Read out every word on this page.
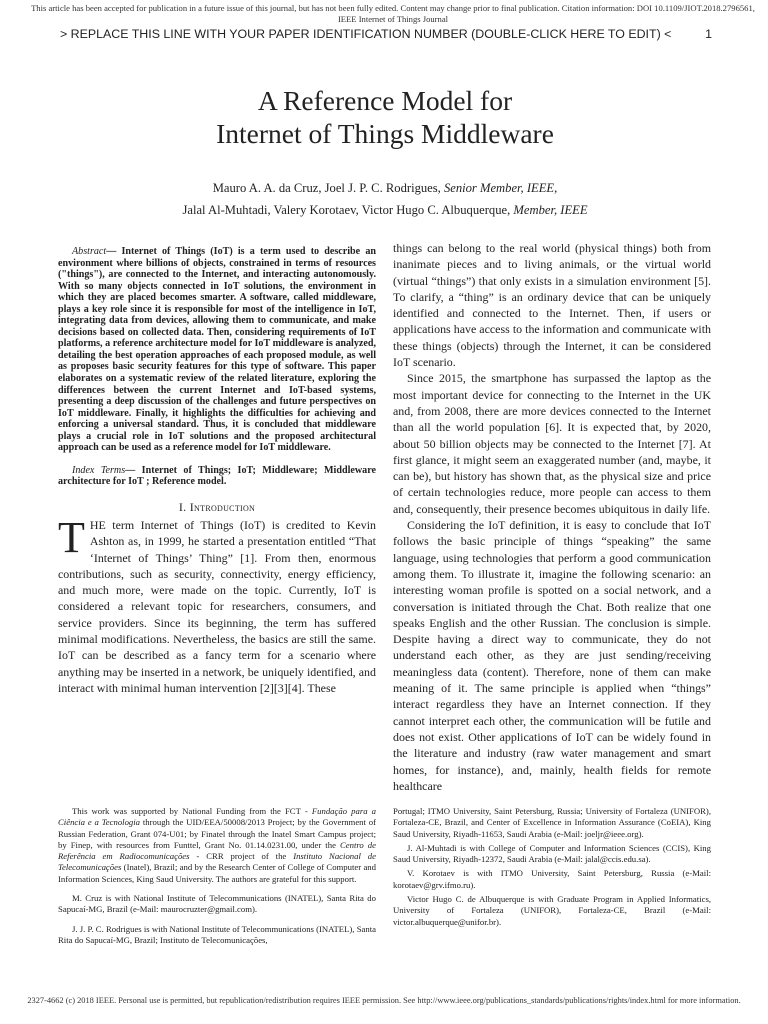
This article has been accepted for publication in a future issue of this journal, but has not been fully edited. Content may change prior to final publication. Citation information: DOI 10.1109/JIOT.2018.2796561, IEEE Internet of Things Journal
> REPLACE THIS LINE WITH YOUR PAPER IDENTIFICATION NUMBER (DOUBLE-CLICK HERE TO EDIT) <	1
A Reference Model for
Internet of Things Middleware
Mauro A. A. da Cruz, Joel J. P. C. Rodrigues, Senior Member, IEEE,
Jalal Al-Muhtadi, Valery Korotaev, Victor Hugo C. Albuquerque, Member, IEEE

Abstract— Internet of Things (IoT) is a term used to describe an environment where billions of objects, constrained in terms of resources ("things"), are connected to the Internet, and interacting autonomously. With so many objects connected in IoT solutions, the environment in which they are placed becomes smarter. A software, called middleware, plays a key role since it is responsible for most of the intelligence in IoT, integrating data from devices, allowing them to communicate, and make decisions based on collected data. Then, considering requirements of IoT platforms, a reference architecture model for IoT middleware is analyzed, detailing the best operation approaches of each proposed module, as well as proposes basic security features for this type of software. This paper elaborates on a systematic review of the related literature, exploring the differences between the current Internet and IoT-based systems, presenting a deep discussion of the challenges and future perspectives on IoT middleware. Finally, it highlights the difficulties for achieving and enforcing a universal standard. Thus, it is concluded that middleware plays a crucial role in IoT solutions and the proposed architectural approach can be used as a reference model for IoT middleware.

Index Terms— Internet of Things; IoT; Middleware; Middleware architecture for IoT ; Reference model.

I. Introduction

THE term Internet of Things (IoT) is credited to Kevin Ashton as, in 1999, he started a presentation entitled “That ‘Internet of Things’ Thing” [1]. From then, enormous contributions, such as security, connectivity, energy efficiency, and much more, were made on the topic. Currently, IoT is considered a relevant topic for researchers, consumers, and service providers. Since its beginning, the term has suffered minimal modifications. Nevertheless, the basics are still the same. IoT can be described as a fancy term for a scenario where anything may be inserted in a network, be uniquely identified, and interact with minimal human intervention [2][3][4]. These

things can belong to the real world (physical things) both from inanimate pieces and to living animals, or the virtual world (virtual “things”) that only exists in a simulation environment [5]. To clarify, a “thing” is an ordinary device that can be uniquely identified and connected to the Internet. Then, if users or applications have access to the information and communicate with these things (objects) through the Internet, it can be considered IoT scenario.

Since 2015, the smartphone has surpassed the laptop as the most important device for connecting to the Internet in the UK and, from 2008, there are more devices connected to the Internet than all the world population [6]. It is expected that, by 2020, about 50 billion objects may be connected to the Internet [7]. At first glance, it might seem an exaggerated number (and, maybe, it can be), but history has shown that, as the physical size and price of certain technologies reduce, more people can access to them and, consequently, their presence becomes ubiquitous in daily life.

Considering the IoT definition, it is easy to conclude that IoT follows the basic principle of things “speaking” the same language, using technologies that perform a good communication among them. To illustrate it, imagine the following scenario: an interesting woman profile is spotted on a social network, and a conversation is initiated through the Chat. Both realize that one speaks English and the other Russian. The conclusion is simple. Despite having a direct way to communicate, they do not understand each other, as they are just sending/receiving meaningless data (content). Therefore, none of them can make meaning of it. The same principle is applied when “things” interact regardless they have an Internet connection. If they cannot interpret each other, the communication will be futile and does not exist. Other applications of IoT can be widely found in the literature and industry (raw water management and smart homes, for instance), and, mainly, health fields for remote healthcare

This work was supported by National Funding from the FCT - Fundação para a Ciência e a Tecnologia through the UID/EEA/50008/2013 Project; by the Government of Russian Federation, Grant 074-U01; by Finatel through the Inatel Smart Campus project; by Finep, with resources from Funttel, Grant No. 01.14.0231.00, under the Centro de Referência em Radiocomunicações - CRR project of the Instituto Nacional de Telecomunicações (Inatel), Brazil; and by the Research Center of College of Computer and Information Sciences, King Saud University. The authors are grateful for this support.

M. Cruz is with National Institute of Telecommunications (INATEL), Santa Rita do Sapucaí-MG, Brazil (e-Mail: maurocruzter@gmail.com).

J. J. P. C. Rodrigues is with National Institute of Telecommunications (INATEL), Santa Rita do Sapucaí-MG, Brazil; Instituto de Telecomunicações,

Portugal; ITMO University, Saint Petersburg, Russia; University of Fortaleza (UNIFOR), Fortaleza-CE, Brazil, and Center of Excellence in Information Assurance (CoEIA), King Saud University, Riyadh-11653, Saudi Arabia (e-Mail: joeljr@ieee.org).

J. Al-Muhtadi is with College of Computer and Information Sciences (CCIS), King Saud University, Riyadh-12372, Saudi Arabia (e-Mail: jalal@ccis.edu.sa).

V. Korotaev is with ITMO University, Saint Petersburg, Russia (e-Mail: korotaev@grv.ifmo.ru).

Victor Hugo C. de Albuquerque is with Graduate Program in Applied Informatics, University of Fortaleza (UNIFOR), Fortaleza-CE, Brazil (e-Mail: victor.albuquerque@unifor.br).

2327-4662 (c) 2018 IEEE. Personal use is permitted, but republication/redistribution requires IEEE permission. See http://www.ieee.org/publications_standards/publications/rights/index.html for more information.
